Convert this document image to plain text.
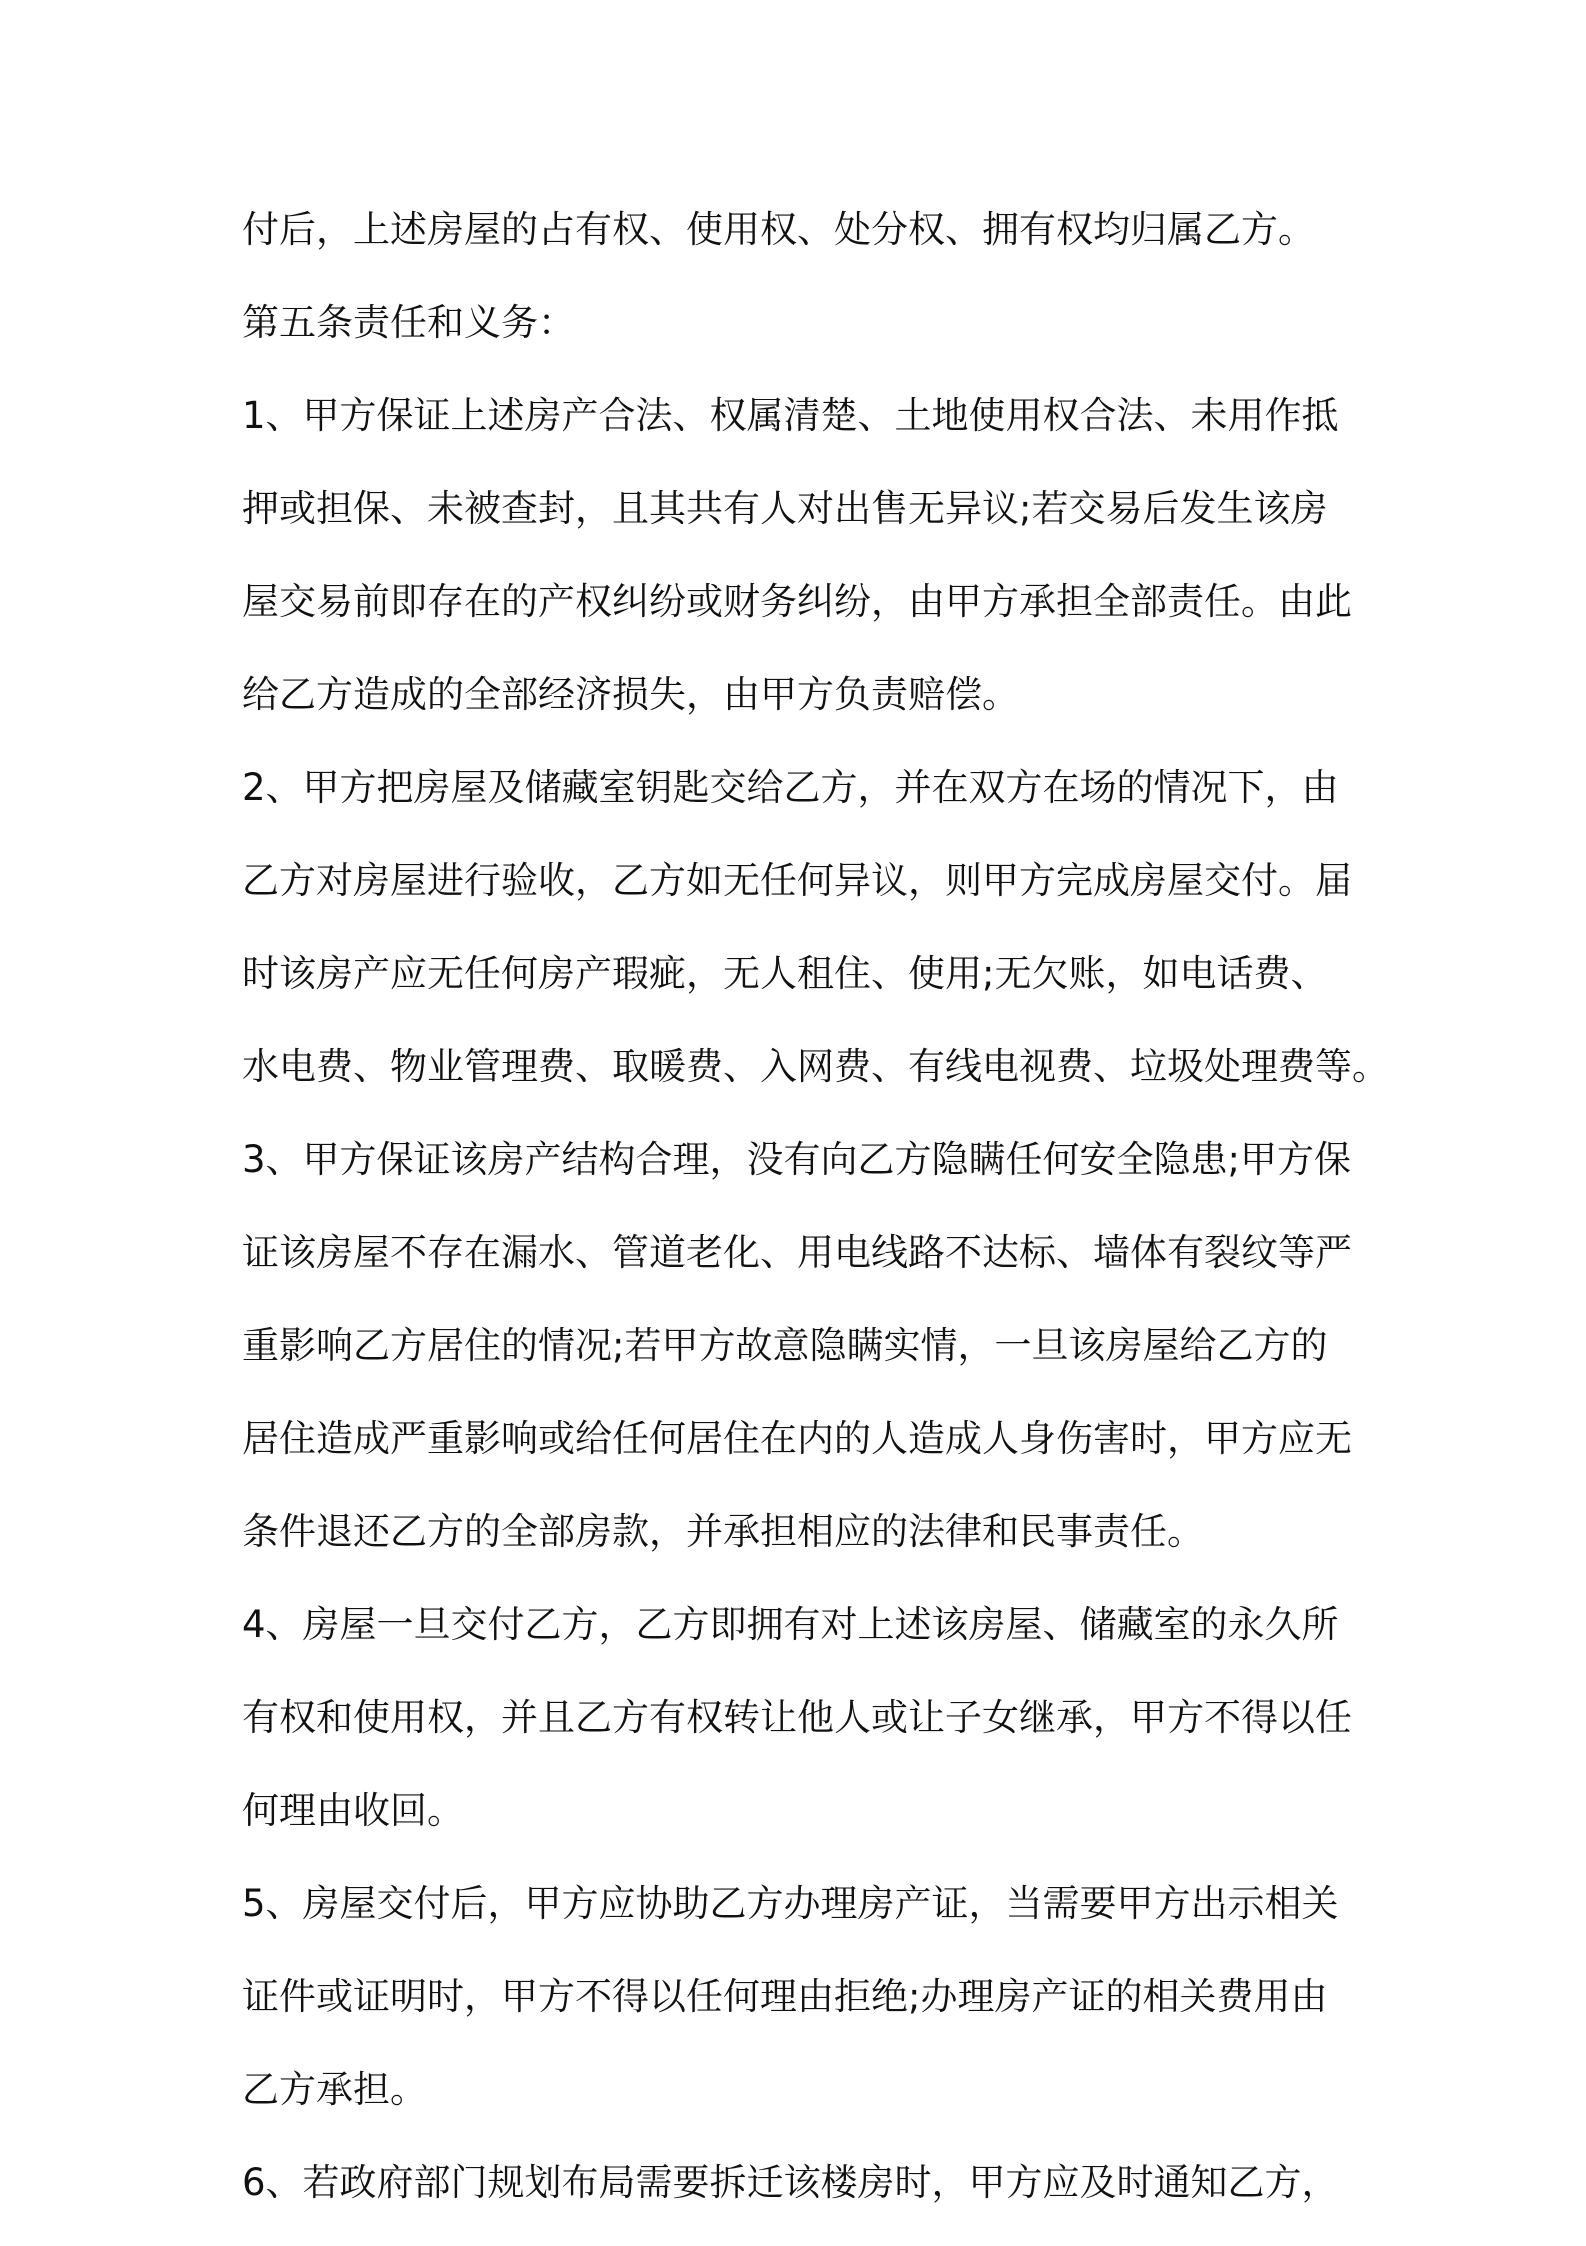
付后，上述房屋的占有权、使用权、处分权、拥有权均归属乙方。
第五条责任和义务：
1、甲方保证上述房产合法、权属清楚、土地使用权合法、未用作抵
押或担保、未被查封，且其共有人对出售无异议;若交易后发生该房
屋交易前即存在的产权纠纷或财务纠纷，由甲方承担全部责任。由此
给乙方造成的全部经济损失，由甲方负责赔偿。
2、甲方把房屋及储藏室钥匙交给乙方，并在双方在场的情况下，由
乙方对房屋进行验收，乙方如无任何异议，则甲方完成房屋交付。届
时该房产应无任何房产瑕疵，无人租住、使用;无欠账，如电话费、
水电费、物业管理费、取暖费、入网费、有线电视费、垃圾处理费等。
3、甲方保证该房产结构合理，没有向乙方隐瞒任何安全隐患;甲方保
证该房屋不存在漏水、管道老化、用电线路不达标、墙体有裂纹等严
重影响乙方居住的情况;若甲方故意隐瞒实情，一旦该房屋给乙方的
居住造成严重影响或给任何居住在内的人造成人身伤害时，甲方应无
条件退还乙方的全部房款，并承担相应的法律和民事责任。
4、房屋一旦交付乙方，乙方即拥有对上述该房屋、储藏室的永久所
有权和使用权，并且乙方有权转让他人或让子女继承，甲方不得以任
何理由收回。
5、房屋交付后，甲方应协助乙方办理房产证，当需要甲方出示相关
证件或证明时，甲方不得以任何理由拒绝;办理房产证的相关费用由
乙方承担。
6、若政府部门规划布局需要拆迁该楼房时，甲方应及时通知乙方，
